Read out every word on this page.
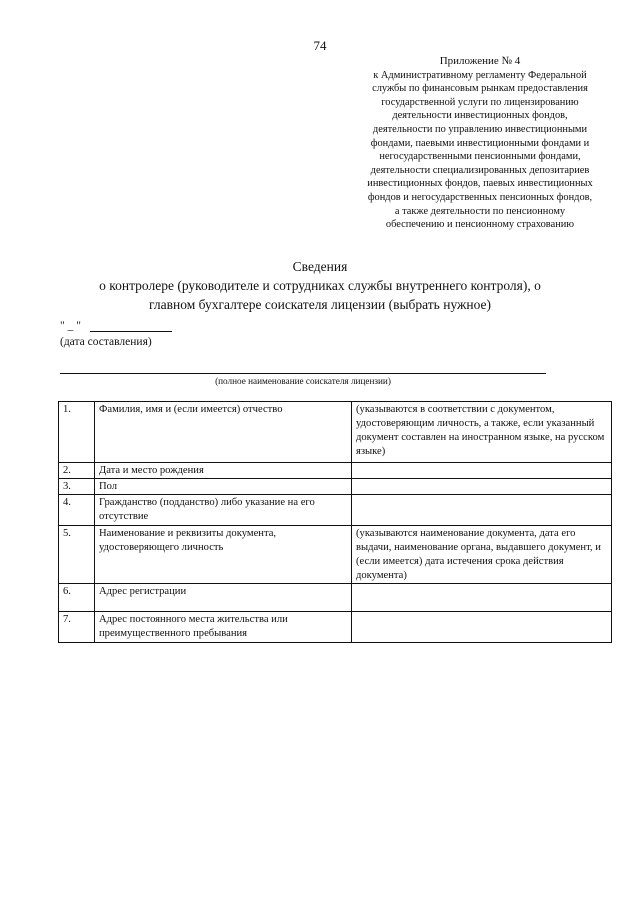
74
Приложение № 4
к Административному регламенту Федеральной
службы по финансовым рынкам предоставления
государственной услуги по лицензированию
деятельности инвестиционных фондов,
деятельности по управлению инвестиционными
фондами, паевыми инвестиционными фондами и
негосударственными пенсионными фондами,
деятельности специализированных депозитариев
инвестиционных фондов, паевых инвестиционных
фондов и негосударственных пенсионных фондов,
а также деятельности по пенсионному
обеспечению и пенсионному страхованию
Сведения
о контролере (руководителе и сотрудниках службы внутреннего контроля), о
главном бухгалтере соискателя лицензии (выбрать нужное)
" _ "
(дата составления)
(полное наименование соискателя лицензии)
1.	Фамилия, имя и (если имеется) отчество	(указываются в соответствии с документом, удостоверяющим личность, а также, если указанный документ составлен на иностранном языке, на русском языке)
2.	Дата и место рождения	
3.	Пол	
4.	Гражданство (подданство) либо указание на его отсутствие	
5.	Наименование и реквизиты документа, удостоверяющего личность	(указываются наименование документа, дата его выдачи, наименование органа, выдавшего документ, и (если имеется) дата истечения срока действия документа)
6.	Адрес регистрации	
7.	Адрес постоянного места жительства или преимущественного пребывания	
